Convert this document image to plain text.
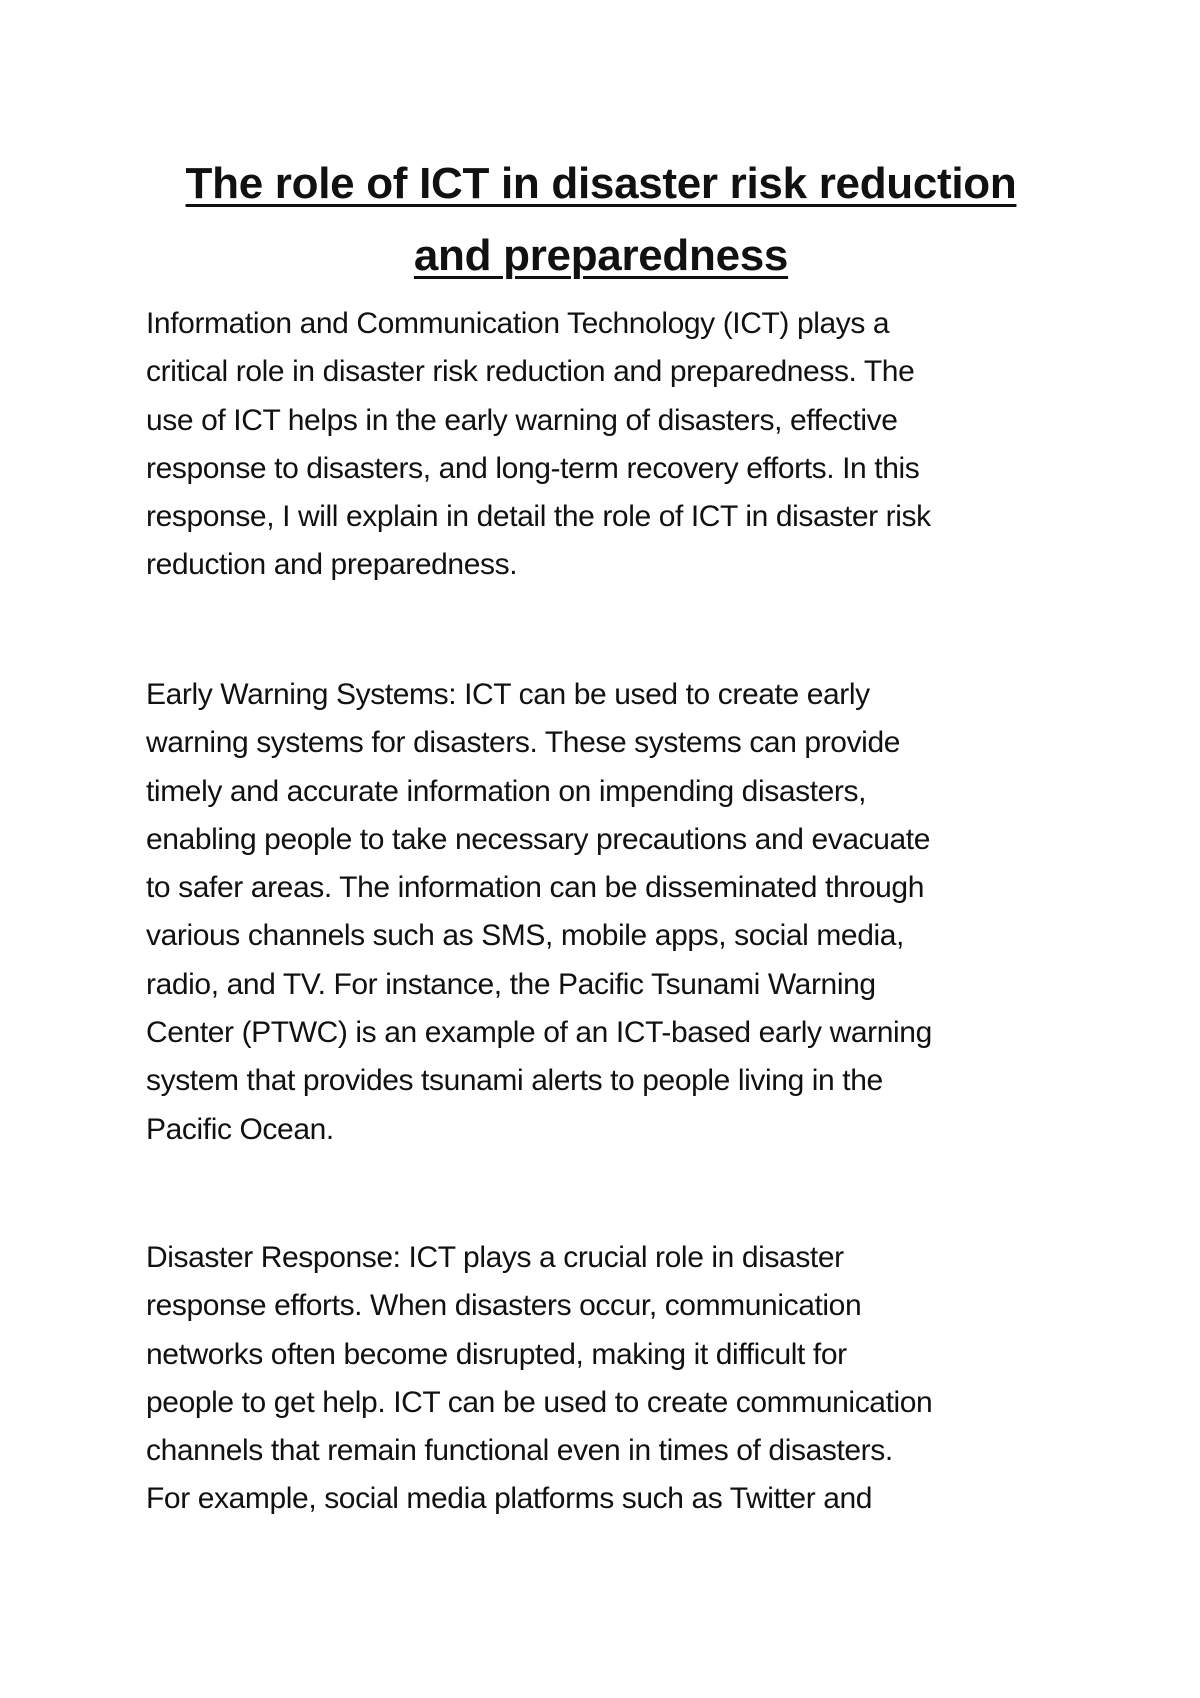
The role of ICT in disaster risk reduction
and preparedness

Information and Communication Technology (ICT) plays a
critical role in disaster risk reduction and preparedness. The
use of ICT helps in the early warning of disasters, effective
response to disasters, and long-term recovery efforts. In this
response, I will explain in detail the role of ICT in disaster risk
reduction and preparedness.

Early Warning Systems: ICT can be used to create early
warning systems for disasters. These systems can provide
timely and accurate information on impending disasters,
enabling people to take necessary precautions and evacuate
to safer areas. The information can be disseminated through
various channels such as SMS, mobile apps, social media,
radio, and TV. For instance, the Pacific Tsunami Warning
Center (PTWC) is an example of an ICT-based early warning
system that provides tsunami alerts to people living in the
Pacific Ocean.

Disaster Response: ICT plays a crucial role in disaster
response efforts. When disasters occur, communication
networks often become disrupted, making it difficult for
people to get help. ICT can be used to create communication
channels that remain functional even in times of disasters.
For example, social media platforms such as Twitter and
